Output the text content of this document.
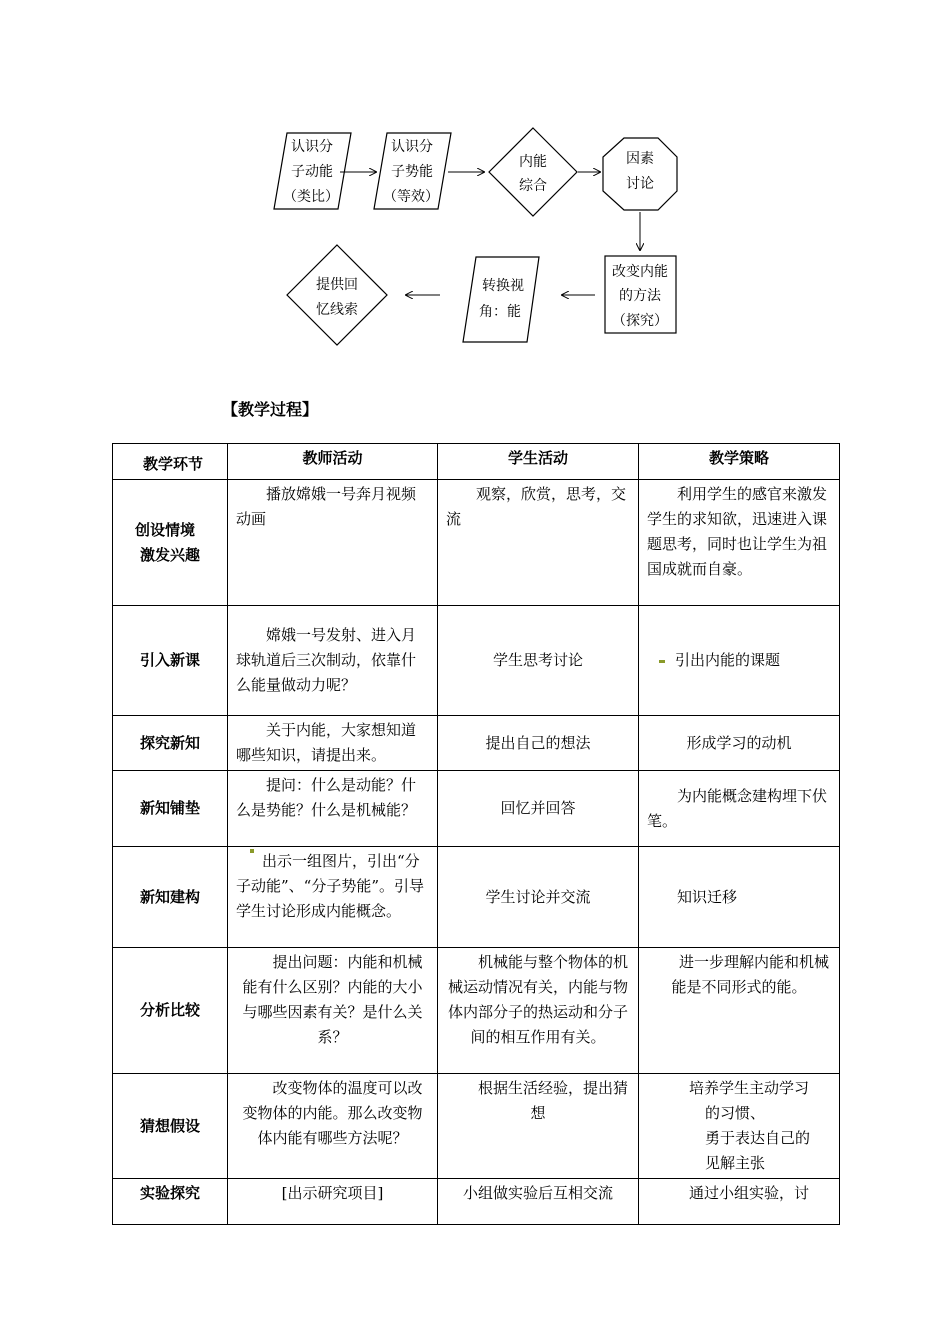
认识分
子动能
（类比）
认识分
子势能
（等效）
内能
综合
因素
讨论
改变内能
的方法
（探究）
转换视
角：能
提供回
忆线索
【教学过程】
教学环节	教师活动	学生活动	教学策略

创设情境
激发兴趣	播放嫦娥一号奔月视频动画	观察，欣赏，思考，交流	利用学生的感官来激发学生的求知欲，迅速进入课题思考，同时也让学生为祖国成就而自豪。
引入新课	嫦娥一号发射、进入月球轨道后三次制动，依靠什么能量做动力呢？	学生思考讨论	引出内能的课题
探究新知	关于内能，大家想知道哪些知识，请提出来。	提出自己的想法	形成学习的动机
新知铺垫	提问：什么是动能？什么是势能？什么是机械能？	回忆并回答	为内能概念建构埋下伏笔。
新知建构	出示一组图片，引出“分子动能”、“分子势能”。引导学生讨论形成内能概念。	学生讨论并交流	知识迁移
分析比较	提出问题：内能和机械能有什么区别？内能的大小与哪些因素有关？是什么关系？	机械能与整个物体的机械运动情况有关，内能与物体内部分子的热运动和分子间的相互作用有关。	进一步理解内能和机械能是不同形式的能。
猜想假设	改变物体的温度可以改变物体的内能。那么改变物体内能有哪些方法呢？	根据生活经验，提出猜想	培养学生主动学习
的习惯、
勇于表达自己的
见解主张

实验探究	[出示研究项目]	小组做实验后互相交流	通过小组实验，讨
